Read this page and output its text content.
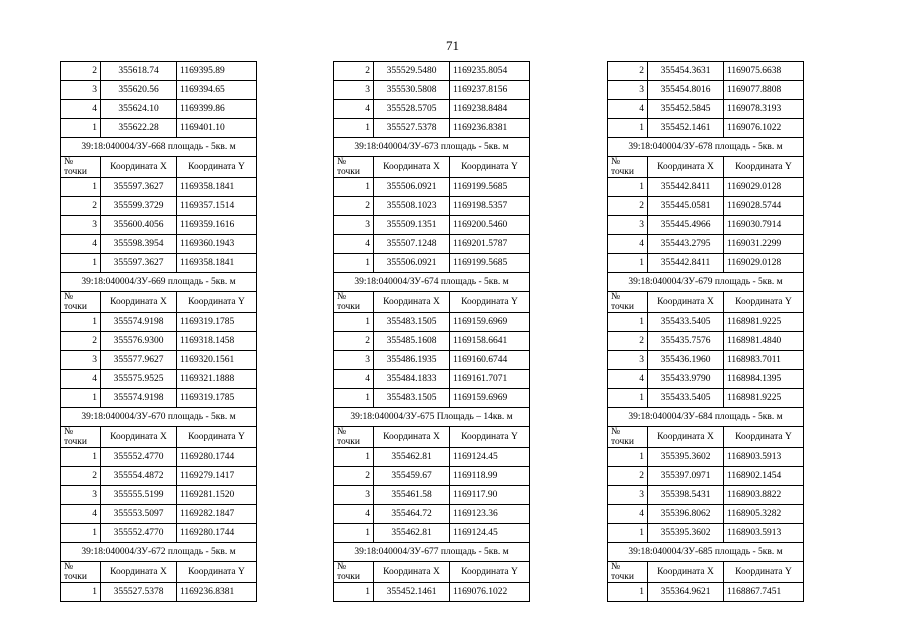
71
2	355618.74	1169395.89
3	355620.56	1169394.65
4	355624.10	1169399.86
1	355622.28	1169401.10
39:18:040004/ЗУ-668 площадь - 5кв. м		
№ точки	Координата X	Координата Y
1	355597.3627	1169358.1841
2	355599.3729	1169357.1514
3	355600.4056	1169359.1616
4	355598.3954	1169360.1943
1	355597.3627	1169358.1841
39:18:040004/ЗУ-669 площадь - 5кв. м		
№ точки	Координата X	Координата Y
1	355574.9198	1169319.1785
2	355576.9300	1169318.1458
3	355577.9627	1169320.1561
4	355575.9525	1169321.1888
1	355574.9198	1169319.1785
39:18:040004/ЗУ-670 площадь - 5кв. м		
№ точки	Координата X	Координата Y
1	355552.4770	1169280.1744
2	355554.4872	1169279.1417
3	355555.5199	1169281.1520
4	355553.5097	1169282.1847
1	355552.4770	1169280.1744
39:18:040004/ЗУ-672 площадь - 5кв. м		
№ точки	Координата X	Координата Y
1	355527.5378	1169236.8381
2	355529.5480	1169235.8054
3	355530.5808	1169237.8156
4	355528.5705	1169238.8484
1	355527.5378	1169236.8381
39:18:040004/ЗУ-673 площадь - 5кв. м		
№ точки	Координата X	Координата Y
1	355506.0921	1169199.5685
2	355508.1023	1169198.5357
3	355509.1351	1169200.5460
4	355507.1248	1169201.5787
1	355506.0921	1169199.5685
39:18:040004/ЗУ-674 площадь - 5кв. м		
№ точки	Координата X	Координата Y
1	355483.1505	1169159.6969
2	355485.1608	1169158.6641
3	355486.1935	1169160.6744
4	355484.1833	1169161.7071
1	355483.1505	1169159.6969
39:18:040004/ЗУ-675 Площадь – 14кв. м		
№ точки	Координата X	Координата Y
1	355462.81	1169124.45
2	355459.67	1169118.99
3	355461.58	1169117.90
4	355464.72	1169123.36
1	355462.81	1169124.45
39:18:040004/ЗУ-677 площадь - 5кв. м		
№ точки	Координата X	Координата Y
1	355452.1461	1169076.1022
2	355454.3631	1169075.6638
3	355454.8016	1169077.8808
4	355452.5845	1169078.3193
1	355452.1461	1169076.1022
39:18:040004/ЗУ-678 площадь - 5кв. м		
№ точки	Координата X	Координата Y
1	355442.8411	1169029.0128
2	355445.0581	1169028.5744
3	355445.4966	1169030.7914
4	355443.2795	1169031.2299
1	355442.8411	1169029.0128
39:18:040004/ЗУ-679 площадь - 5кв. м		
№ точки	Координата X	Координата Y
1	355433.5405	1168981.9225
2	355435.7576	1168981.4840
3	355436.1960	1168983.7011
4	355433.9790	1168984.1395
1	355433.5405	1168981.9225
39:18:040004/ЗУ-684 площадь - 5кв. м		
№ точки	Координата X	Координата Y
1	355395.3602	1168903.5913
2	355397.0971	1168902.1454
3	355398.5431	1168903.8822
4	355396.8062	1168905.3282
1	355395.3602	1168903.5913
39:18:040004/ЗУ-685 площадь - 5кв. м		
№ точки	Координата X	Координата Y
1	355364.9621	1168867.7451
